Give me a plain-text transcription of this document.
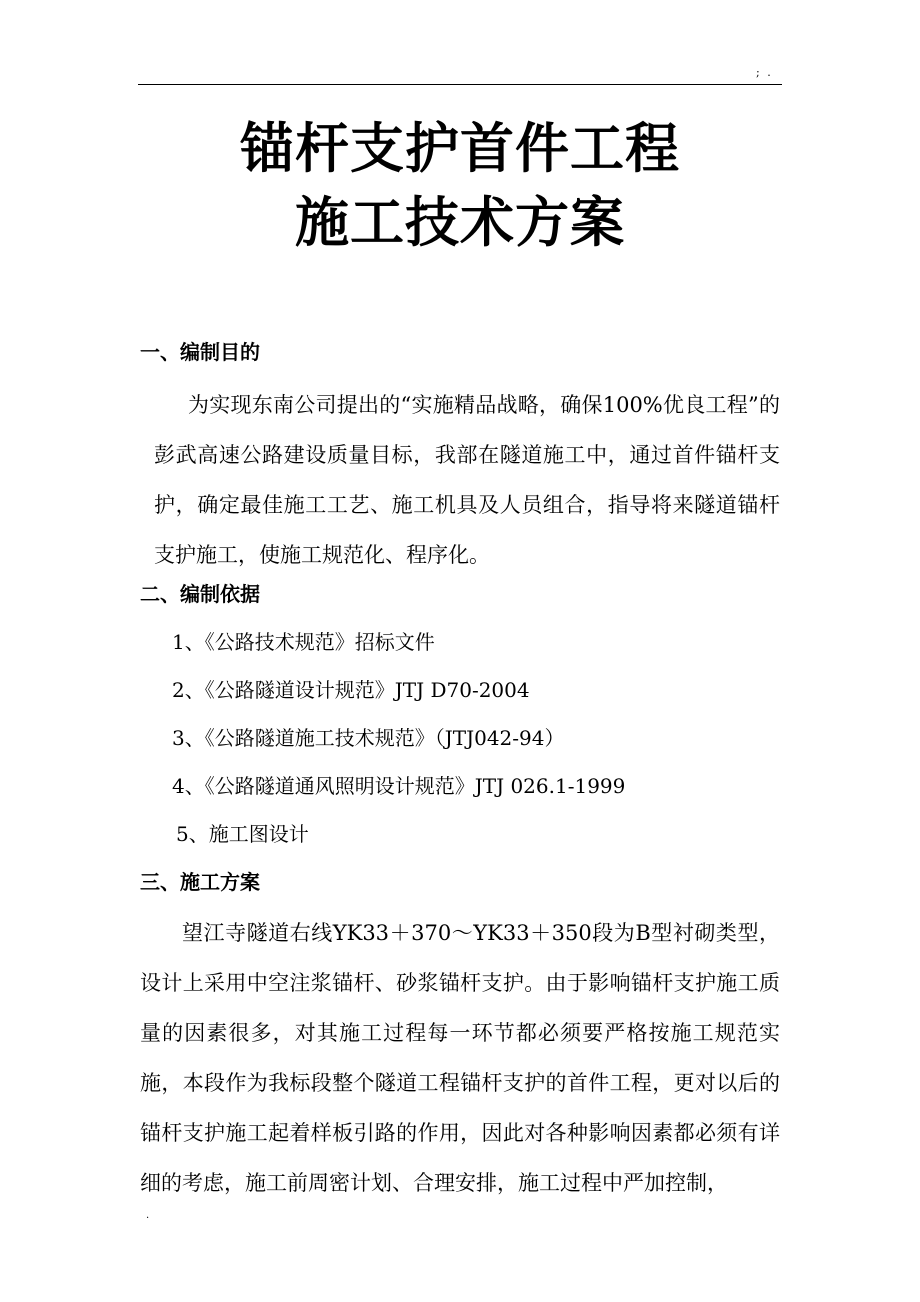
; .
锚杆支护首件工程
施工技术方案
一、编制目的

为实现东南公司提出的“实施精品战略，确保100%优良工程”的彭武高速公路建设质量目标，我部在隧道施工中，通过首件锚杆支护，确定最佳施工工艺、施工机具及人员组合，指导将来隧道锚杆支护施工，使施工规范化、程序化。

二、编制依据
1、《公路技术规范》招标文件
2、《公路隧道设计规范》JTJ D70-2004
3、《公路隧道施工技术规范》（JTJ042-94）
4、《公路隧道通风照明设计规范》JTJ 026.1-1999
5、施工图设计
三、施工方案

望江寺隧道右线YK33＋370～YK33＋350段为B型衬砌类型，设计上采用中空注浆锚杆、砂浆锚杆支护。由于影响锚杆支护施工质量的因素很多，对其施工过程每一环节都必须要严格按施工规范实施，本段作为我标段整个隧道工程锚杆支护的首件工程，更对以后的锚杆支护施工起着样板引路的作用，因此对各种影响因素都必须有详细的考虑，施工前周密计划、合理安排，施工过程中严加控制，

.
